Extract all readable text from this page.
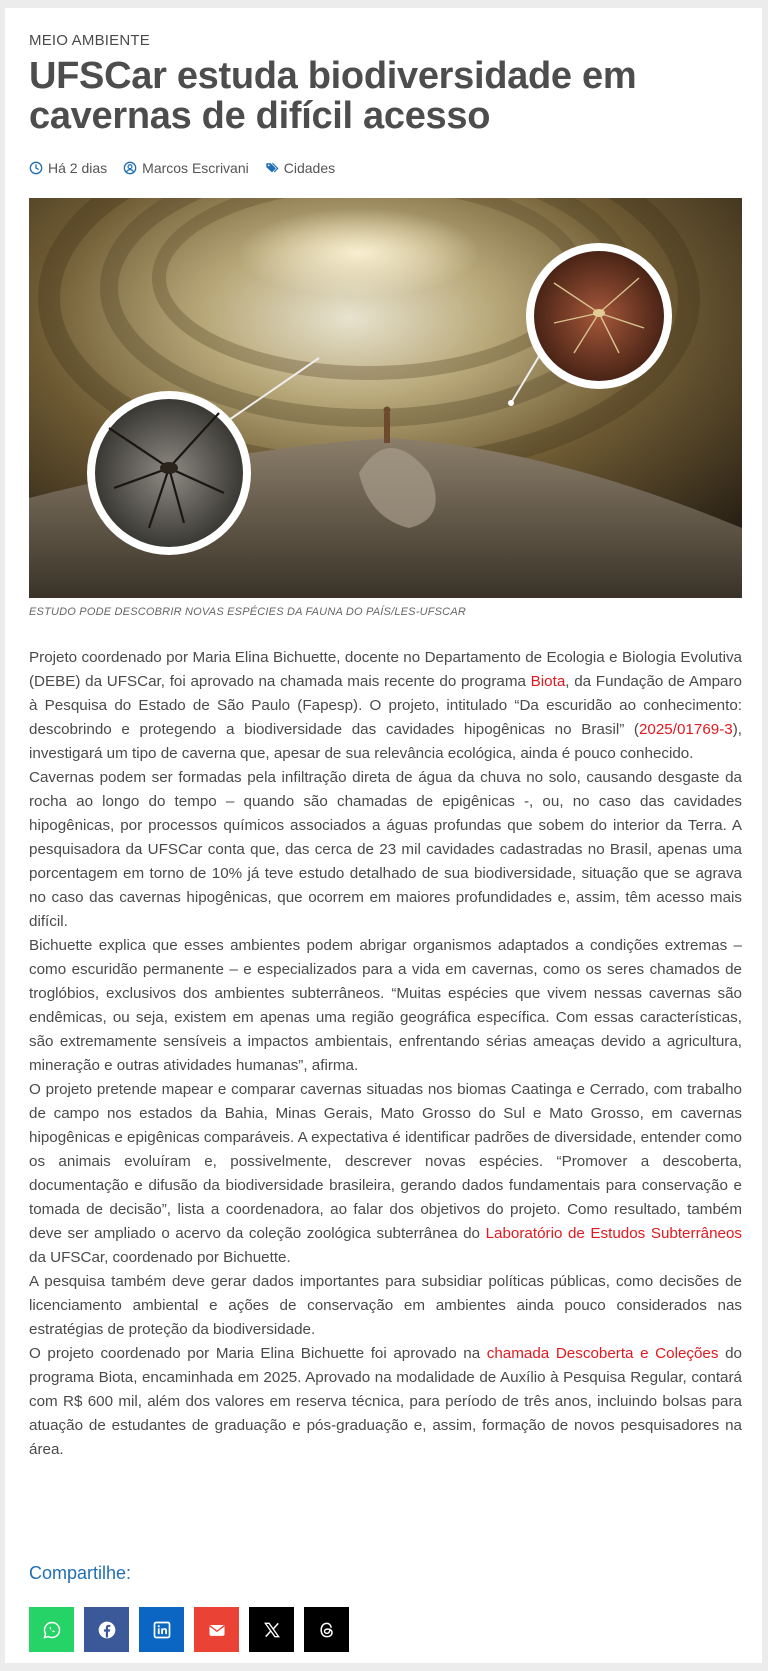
MEIO AMBIENTE
UFSCar estuda biodiversidade em cavernas de difícil acesso
Há 2 dias	Marcos Escrivani	Cidades
ESTUDO PODE DESCOBRIR NOVAS ESPÉCIES DA FAUNA DO PAÍS/LES-UFSCAR

Projeto coordenado por Maria Elina Bichuette, docente no Departamento de Ecologia e Biologia Evolutiva (DEBE) da UFSCar, foi aprovado na chamada mais recente do programa Biota, da Fundação de Amparo à Pesquisa do Estado de São Paulo (Fapesp). O projeto, intitulado “Da escuridão ao conhecimento: descobrindo e protegendo a biodiversidade das cavidades hipogênicas no Brasil” (2025/01769-3), investigará um tipo de caverna que, apesar de sua relevância ecológica, ainda é pouco conhecido.

Cavernas podem ser formadas pela infiltração direta de água da chuva no solo, causando desgaste da rocha ao longo do tempo – quando são chamadas de epigênicas -, ou, no caso das cavidades hipogênicas, por processos químicos associados a águas profundas que sobem do interior da Terra. A pesquisadora da UFSCar conta que, das cerca de 23 mil cavidades cadastradas no Brasil, apenas uma porcentagem em torno de 10% já teve estudo detalhado de sua biodiversidade, situação que se agrava no caso das cavernas hipogênicas, que ocorrem em maiores profundidades e, assim, têm acesso mais difícil.

Bichuette explica que esses ambientes podem abrigar organismos adaptados a condições extremas – como escuridão permanente – e especializados para a vida em cavernas, como os seres chamados de troglóbios, exclusivos dos ambientes subterrâneos. “Muitas espécies que vivem nessas cavernas são endêmicas, ou seja, existem em apenas uma região geográfica específica. Com essas características, são extremamente sensíveis a impactos ambientais, enfrentando sérias ameaças devido a agricultura, mineração e outras atividades humanas”, afirma.

O projeto pretende mapear e comparar cavernas situadas nos biomas Caatinga e Cerrado, com trabalho de campo nos estados da Bahia, Minas Gerais, Mato Grosso do Sul e Mato Grosso, em cavernas hipogênicas e epigênicas comparáveis. A expectativa é identificar padrões de diversidade, entender como os animais evoluíram e, possivelmente, descrever novas espécies. “Promover a descoberta, documentação e difusão da biodiversidade brasileira, gerando dados fundamentais para conservação e tomada de decisão”, lista a coordenadora, ao falar dos objetivos do projeto. Como resultado, também deve ser ampliado o acervo da coleção zoológica subterrânea do Laboratório de Estudos Subterrâneos da UFSCar, coordenado por Bichuette.

A pesquisa também deve gerar dados importantes para subsidiar políticas públicas, como decisões de licenciamento ambiental e ações de conservação em ambientes ainda pouco considerados nas estratégias de proteção da biodiversidade.

O projeto coordenado por Maria Elina Bichuette foi aprovado na chamada Descoberta e Coleções do programa Biota, encaminhada em 2025. Aprovado na modalidade de Auxílio à Pesquisa Regular, contará com R$ 600 mil, além dos valores em reserva técnica, para período de três anos, incluindo bolsas para atuação de estudantes de graduação e pós-graduação e, assim, formação de novos pesquisadores na área.

Compartilhe:
